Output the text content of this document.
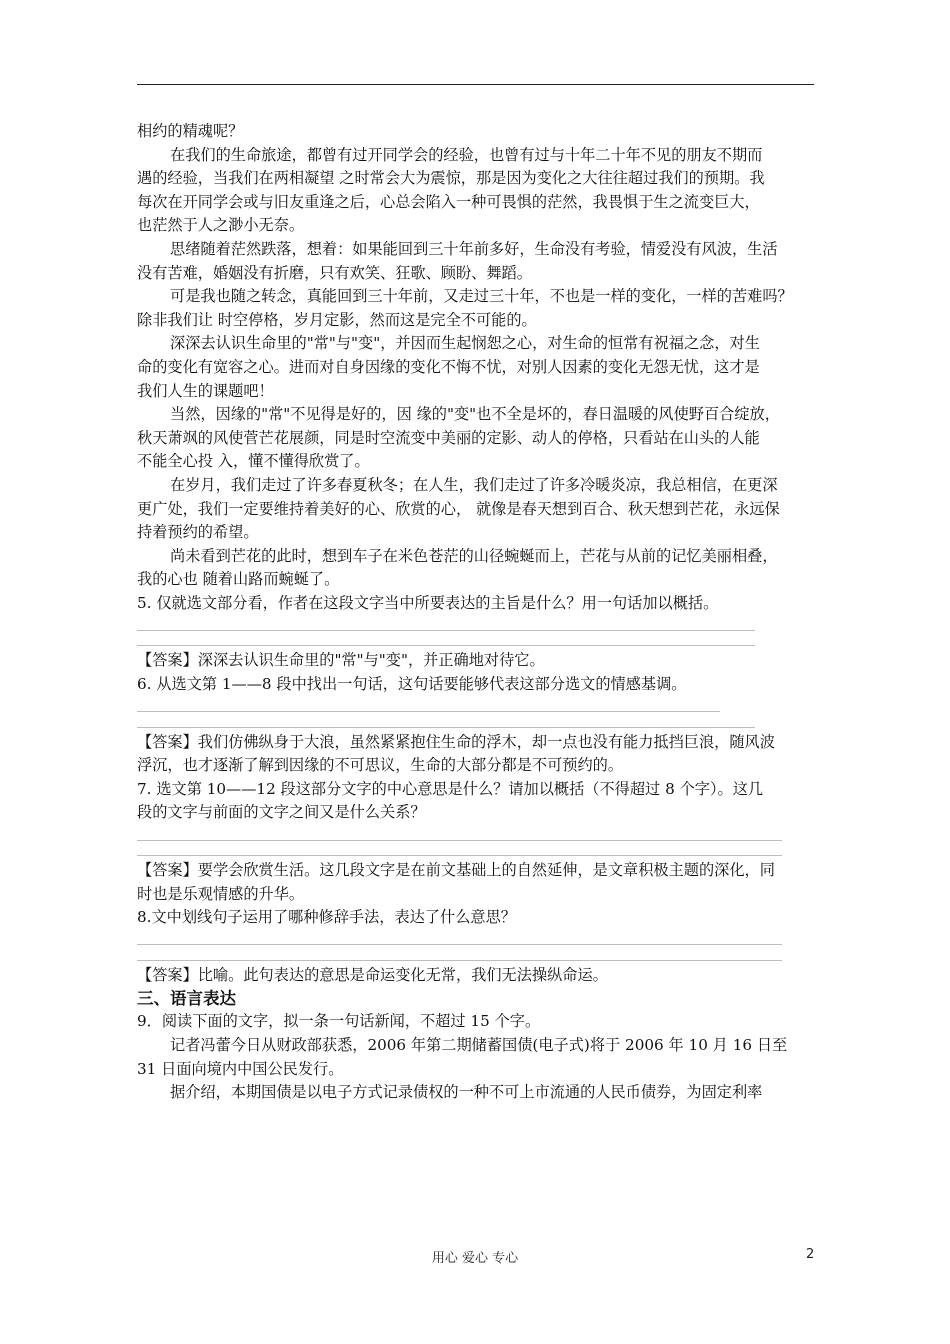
相约的精魂呢？
在我们的生命旅途，都曾有过开同学会的经验，也曾有过与十年二十年不见的朋友不期而
遇的经验，当我们在两相凝望 之时常会大为震惊，那是因为变化之大往往超过我们的预期。我
每次在开同学会或与旧友重逢之后，心总会陷入一种可畏惧的茫然，我畏惧于生之流变巨大，
也茫然于人之渺小无奈。
思绪随着茫然跌落，想着：如果能回到三十年前多好，生命没有考验，情爱没有风波，生活
没有苦难，婚姻没有折磨，只有欢笑、狂歌、顾盼、舞蹈。
可是我也随之转念，真能回到三十年前，又走过三十年，不也是一样的变化，一样的苦难吗？
除非我们让 时空停格，岁月定影，然而这是完全不可能的。
深深去认识生命里的"常"与"变"，并因而生起悯恕之心，对生命的恒常有祝福之念，对生
命的变化有宽容之心。进而对自身因缘的变化不悔不忧，对别人因素的变化无怨无忧，这才是
我们人生的课题吧！
当然，因缘的"常"不见得是好的，因 缘的"变"也不全是坏的，春日温暖的风使野百合绽放，
秋天萧飒的风使菅芒花展颜，同是时空流变中美丽的定影、动人的停格，只看站在山头的人能
不能全心投 入，懂不懂得欣赏了。
在岁月，我们走过了许多春夏秋冬；在人生，我们走过了许多冷暖炎凉，我总相信，在更深
更广处，我们一定要维持着美好的心、欣赏的心， 就像是春天想到百合、秋天想到芒花，永远保
持着预约的希望。
尚未看到芒花的此时，想到车子在米色苍茫的山径蜿蜒而上，芒花与从前的记忆美丽相叠，
我的心也 随着山路而蜿蜒了。
5. 仅就选文部分看，作者在这段文字当中所要表达的主旨是什么？用一句话加以概括。
【答案】深深去认识生命里的"常"与"变"，并正确地对待它。
6. 从选文第 1——8 段中找出一句话，这句话要能够代表这部分选文的情感基调。
【答案】我们仿佛纵身于大浪，虽然紧紧抱住生命的浮木，却一点也没有能力抵挡巨浪，随风波
浮沉，也才逐渐了解到因缘的不可思议，生命的大部分都是不可预约的。
7. 选文第 10——12 段这部分文字的中心意思是什么？请加以概括（不得超过 8 个字）。这几
段的文字与前面的文字之间又是什么关系？
【答案】要学会欣赏生活。这几段文字是在前文基础上的自然延伸，是文章积极主题的深化，同
时也是乐观情感的升华。
8.文中划线句子运用了哪种修辞手法，表达了什么意思？
【答案】比喻。此句表达的意思是命运变化无常，我们无法操纵命运。
三、语言表达
9．阅读下面的文字，拟一条一句话新闻，不超过 15 个字。
记者冯蕾今日从财政部获悉，2006 年第二期储蓄国债(电子式)将于 2006 年 10 月 16 日至
31 日面向境内中国公民发行。
据介绍，本期国债是以电子方式记录债权的一种不可上市流通的人民币债券，为固定利率
用心 爱心 专心	2
